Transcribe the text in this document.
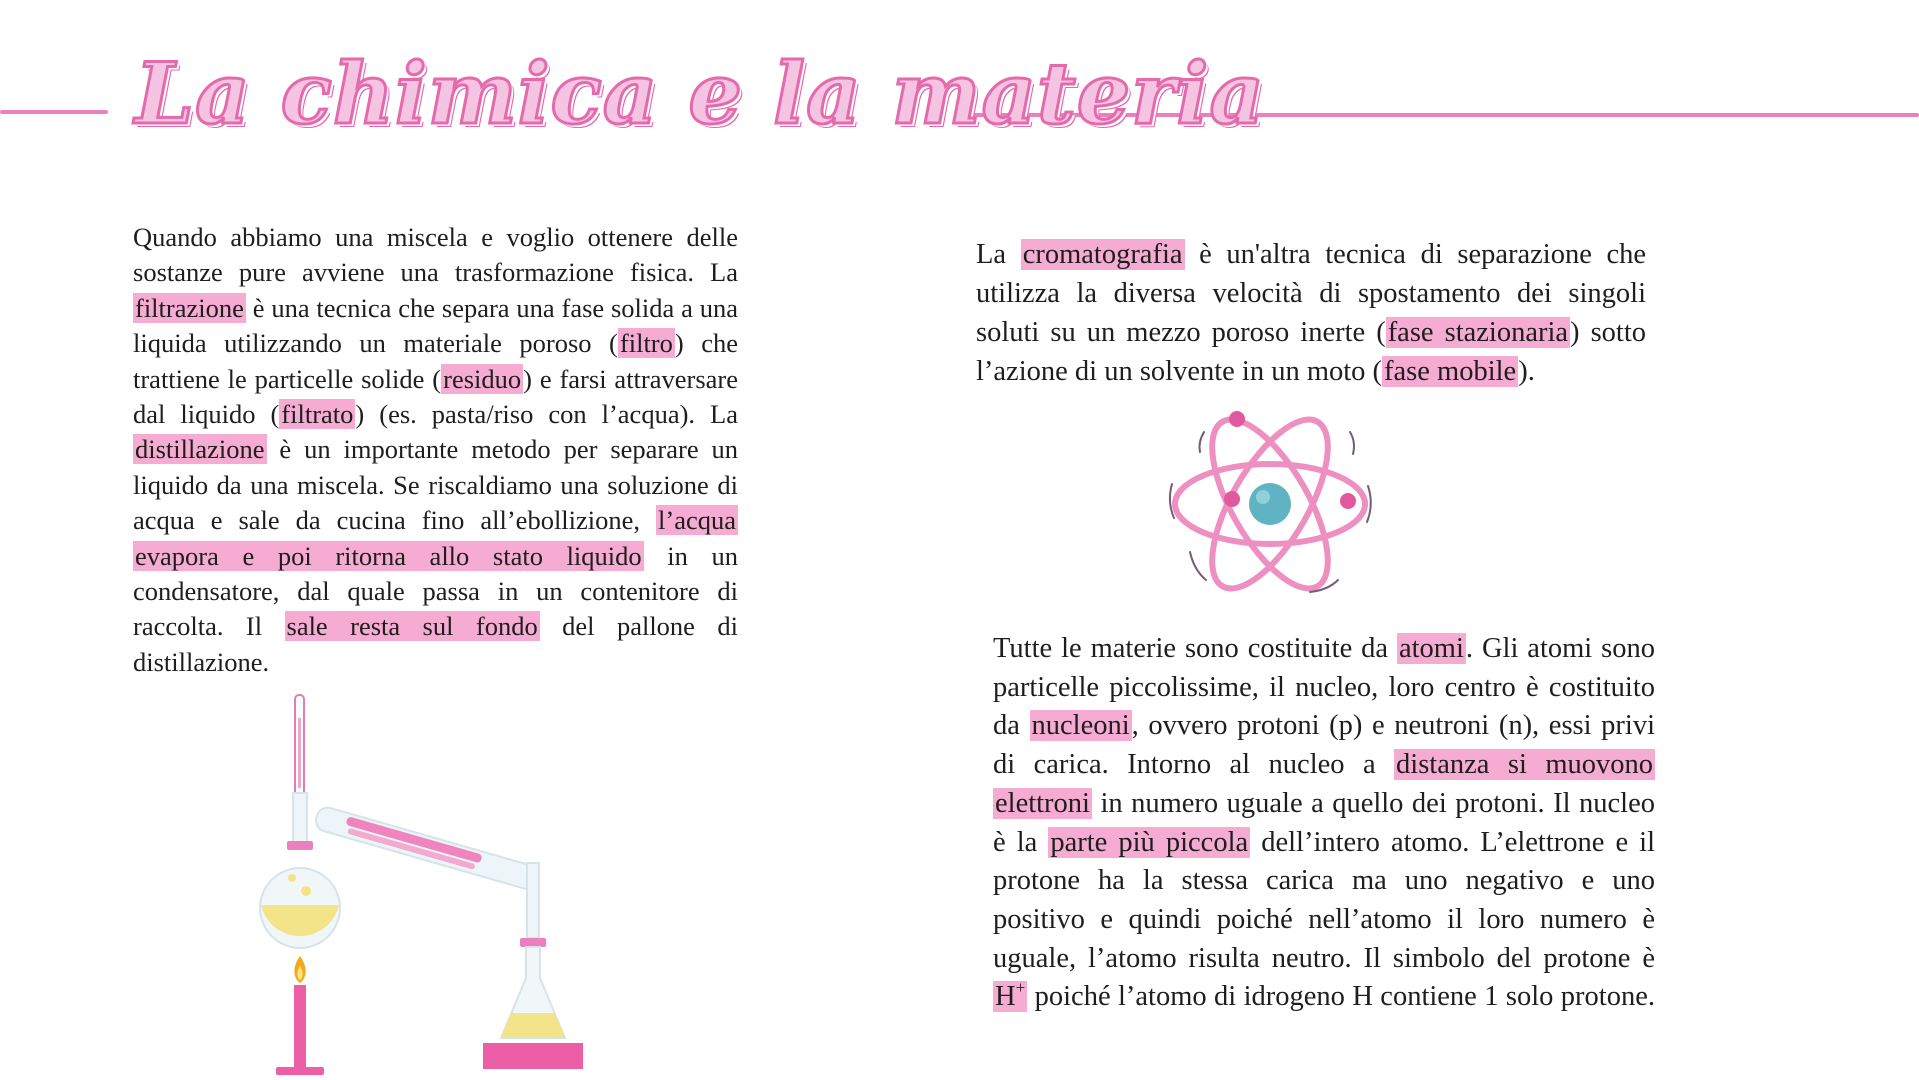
La chimica e la materia

Quando abbiamo una miscela e voglio ottenere delle sostanze pure avviene una trasformazione fisica. La filtrazione è una tecnica che separa una fase solida a una liquida utilizzando un materiale poroso (filtro) che trattiene le particelle solide (residuo) e farsi attraversare dal liquido (filtrato) (es. pasta/riso con l’acqua). La distillazione è un importante metodo per separare un liquido da una miscela. Se riscaldiamo una soluzione di acqua e sale da cucina fino all’ebollizione, l’acqua evapora e poi ritorna allo stato liquido in un condensatore, dal quale passa in un contenitore di raccolta. Il sale resta sul fondo del pallone di distillazione.

La cromatografia è un'altra tecnica di separazione che utilizza la diversa velocità di spostamento dei singoli soluti su un mezzo poroso inerte (fase stazionaria) sotto l’azione di un solvente in un moto (fase mobile).

Tutte le materie sono costituite da atomi. Gli atomi sono particelle piccolissime, il nucleo, loro centro è costituito da nucleoni, ovvero protoni (p) e neutroni (n), essi privi di carica. Intorno al nucleo a distanza si muovono elettroni in numero uguale a quello dei protoni. Il nucleo è la parte più piccola dell’intero atomo. L’elettrone e il protone ha la stessa carica ma uno negativo e uno positivo e quindi poiché nell’atomo il loro numero è uguale, l’atomo risulta neutro. Il simbolo del protone è H+ poiché l’atomo di idrogeno H contiene 1 solo protone.
